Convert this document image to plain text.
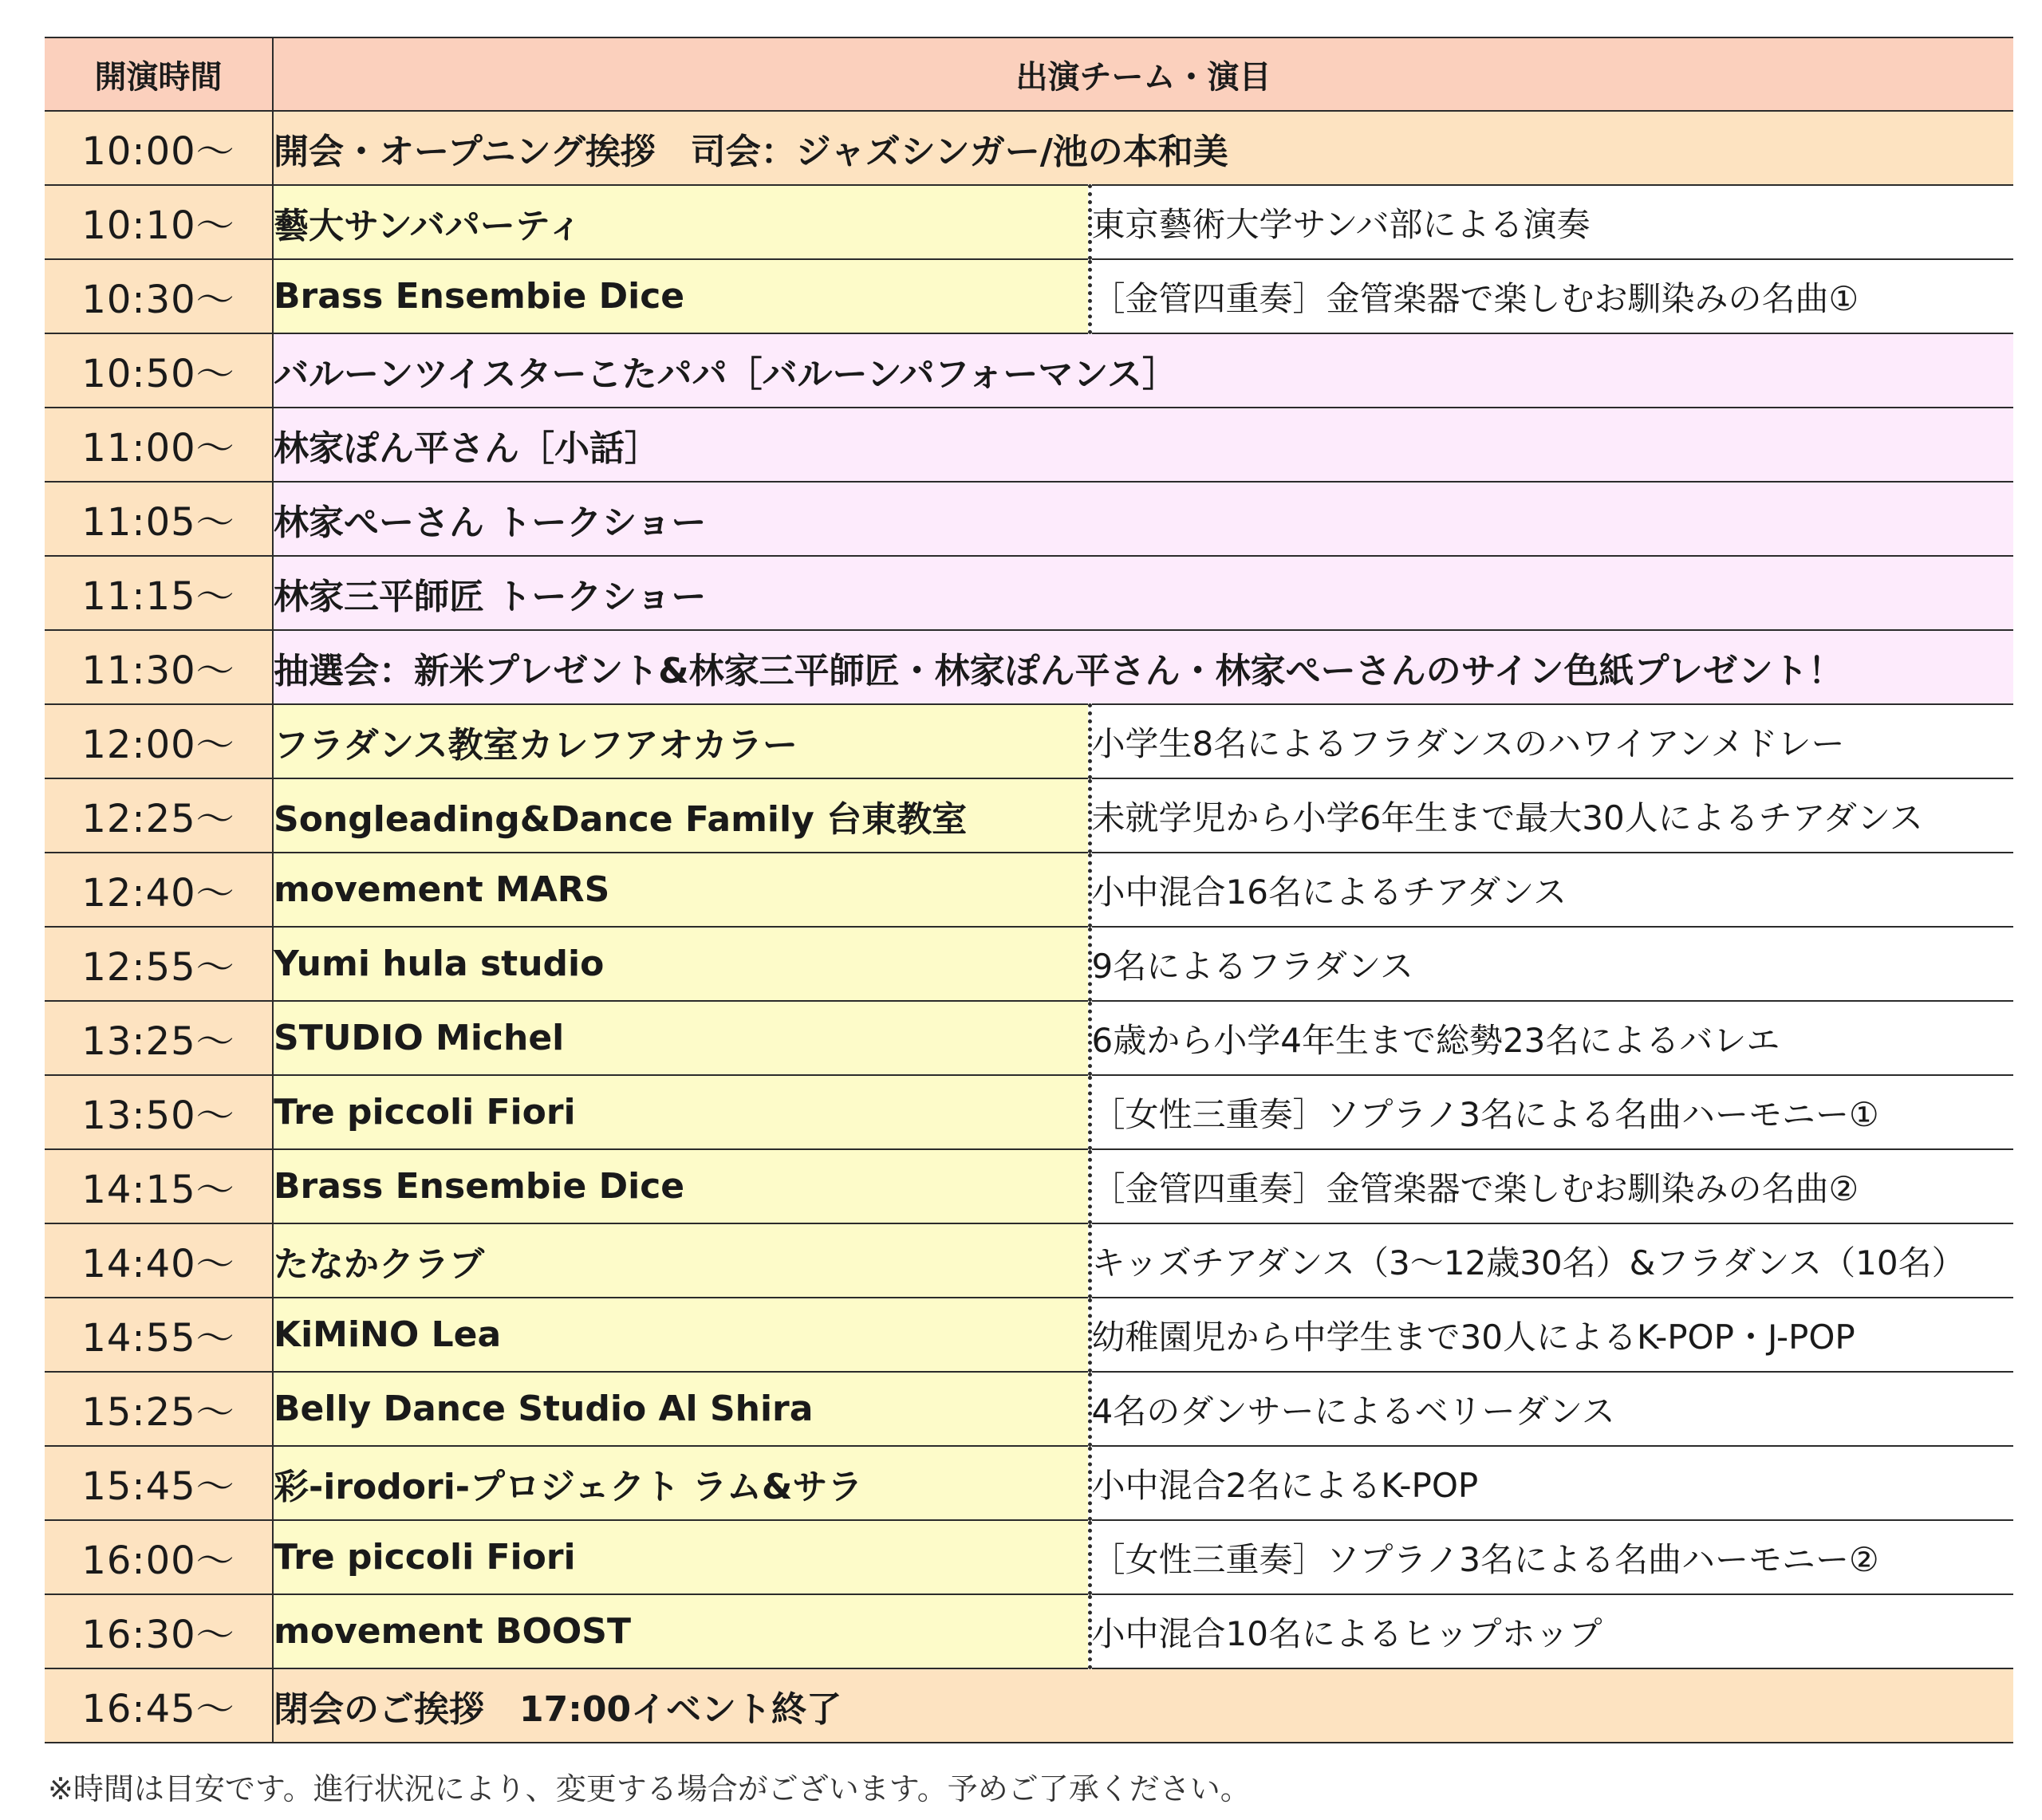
開演時間	出演チーム・演目	
10:00〜	開会・オープニング挨拶　司会：ジャズシンガー/池の本和美	
10:10〜	藝大サンバパーティ	東京藝術大学サンバ部による演奏
10:30〜	Brass Ensembie Dice	［金管四重奏］金管楽器で楽しむお馴染みの名曲①
10:50〜	バルーンツイスターこたパパ［バルーンパフォーマンス］	
11:00〜	林家ぽん平さん［小話］	
11:05〜	林家ぺーさん トークショー	
11:15〜	林家三平師匠 トークショー	
11:30〜	抽選会：新米プレゼント&林家三平師匠・林家ぽん平さん・林家ぺーさんのサイン色紙プレゼント！	
12:00〜	フラダンス教室カレフアオカラー	小学生8名によるフラダンスのハワイアンメドレー
12:25〜	Songleading&Dance Family 台東教室	未就学児から小学6年生まで最大30人によるチアダンス
12:40〜	movement MARS	小中混合16名によるチアダンス
12:55〜	Yumi hula studio	9名によるフラダンス
13:25〜	STUDIO Michel	6歳から小学4年生まで総勢23名によるバレエ
13:50〜	Tre piccoli Fiori	［女性三重奏］ソプラノ3名による名曲ハーモニー①
14:15〜	Brass Ensembie Dice	［金管四重奏］金管楽器で楽しむお馴染みの名曲②
14:40〜	たなかクラブ	キッズチアダンス（3〜12歳30名）&フラダンス（10名）
14:55〜	KiMiNO Lea	幼稚園児から中学生まで30人によるK-POP・J-POP
15:25〜	Belly Dance Studio Al Shira	4名のダンサーによるベリーダンス
15:45〜	彩-irodori-プロジェクト ラム&サラ	小中混合2名によるK-POP
16:00〜	Tre piccoli Fiori	［女性三重奏］ソプラノ3名による名曲ハーモニー②
16:30〜	movement BOOST	小中混合10名によるヒップホップ
16:45〜	閉会のご挨拶　17:00イベント終了	
※時間は目安です。進行状況により、変更する場合がございます。予めご了承ください。
